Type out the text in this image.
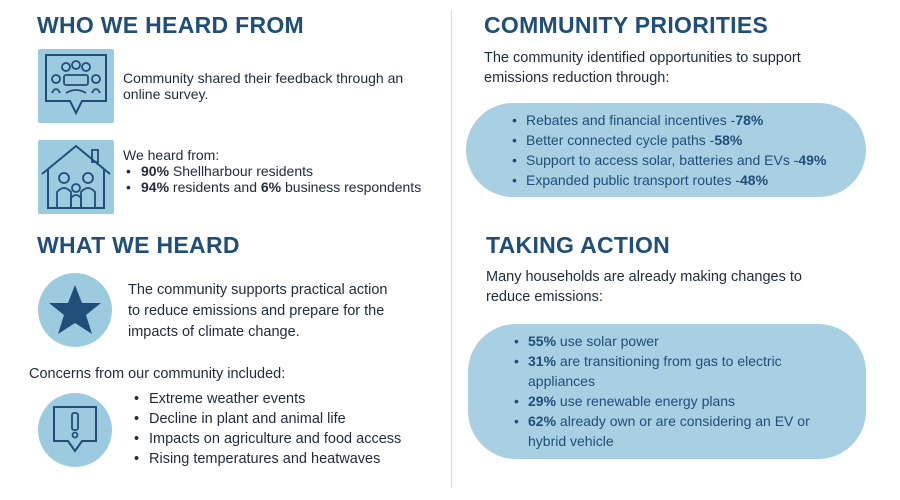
WHO WE HEARD FROM
Community shared their feedback through an online survey.
We heard from:
• 90% Shellharbour residents
• 94% residents and 6% business respondents
WHAT WE HEARD
The community supports practical action to reduce emissions and prepare for the impacts of climate change.
Concerns from our community included:
• Extreme weather events
• Decline in plant and animal life
• Impacts on agriculture and food access
• Rising temperatures and heatwaves
COMMUNITY PRIORITIES
The community identified opportunities to support emissions reduction through:
• Rebates and financial incentives -78%
• Better connected cycle paths -58%
• Support to access solar, batteries and EVs -49%
• Expanded public transport routes -48%
TAKING ACTION
Many households are already making changes to reduce emissions:
• 55% use solar power
• 31% are transitioning from gas to electric appliances
• 29% use renewable energy plans
• 62% already own or are considering an EV or hybrid vehicle
